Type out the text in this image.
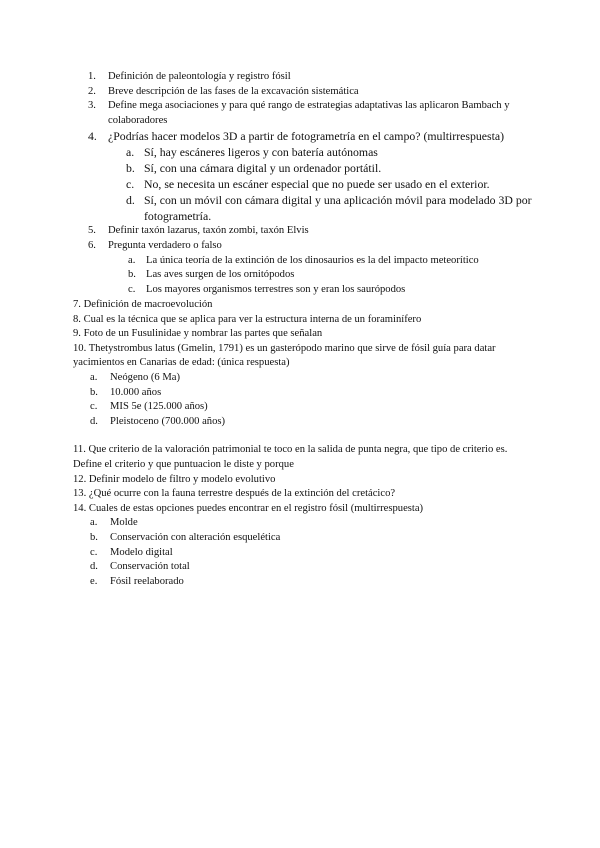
1.	Definición de paleontología y registro fósil
2.	Breve descripción de las fases de la excavación sistemática
3.	Define mega asociaciones y para qué rango de estrategias adaptativas las aplicaron Bambach y colaboradores
4. ¿Podrías hacer modelos 3D a partir de fotogrametría en el campo? (multirrespuesta)
a. Sí, hay escáneres ligeros y con batería autónomas
b. Sí, con una cámara digital y un ordenador portátil.
c. No, se necesita un escáner especial que no puede ser usado en el exterior.
d. Sí, con un móvil con cámara digital y una aplicación móvil para modelado 3D por fotogrametría.
5.	Definir taxón lazarus, taxón zombi, taxón Elvis
6.	Pregunta verdadero o falso
a.	La única teoría de la extinción de los dinosaurios es la del impacto meteorítico
b. Las aves surgen de los ornitópodos
c.	Los mayores organismos terrestres son y eran los saurópodos
7. Definición de macroevolución
8. Cual es la técnica que se aplica para ver la estructura interna de un foraminífero
9. Foto de un Fusulinidae y nombrar las partes que señalan
10. Thetystrombus latus (Gmelin, 1791) es un gasterópodo marino que sirve de fósil guía para datar yacimientos en Canarias de edad: (única respuesta)
a.	Neógeno (6 Ma)
b.	10.000 años
c.	MIS 5e (125.000 años)
d.	Pleistoceno (700.000 años)
11. Que criterio de la valoración patrimonial te toco en la salida de punta negra, que tipo de criterio es. Define el criterio y que puntuacion le diste y porque
12. Definir modelo de filtro y modelo evolutivo
13. ¿Qué ocurre con la fauna terrestre después de la extinción del cretácico?
14. Cuales de estas opciones puedes encontrar en el registro fósil (multirrespuesta)
a.	Molde
b.	Conservación con alteración esquelética
c.	Modelo digital
d.	Conservación total
e.	Fósil reelaborado
